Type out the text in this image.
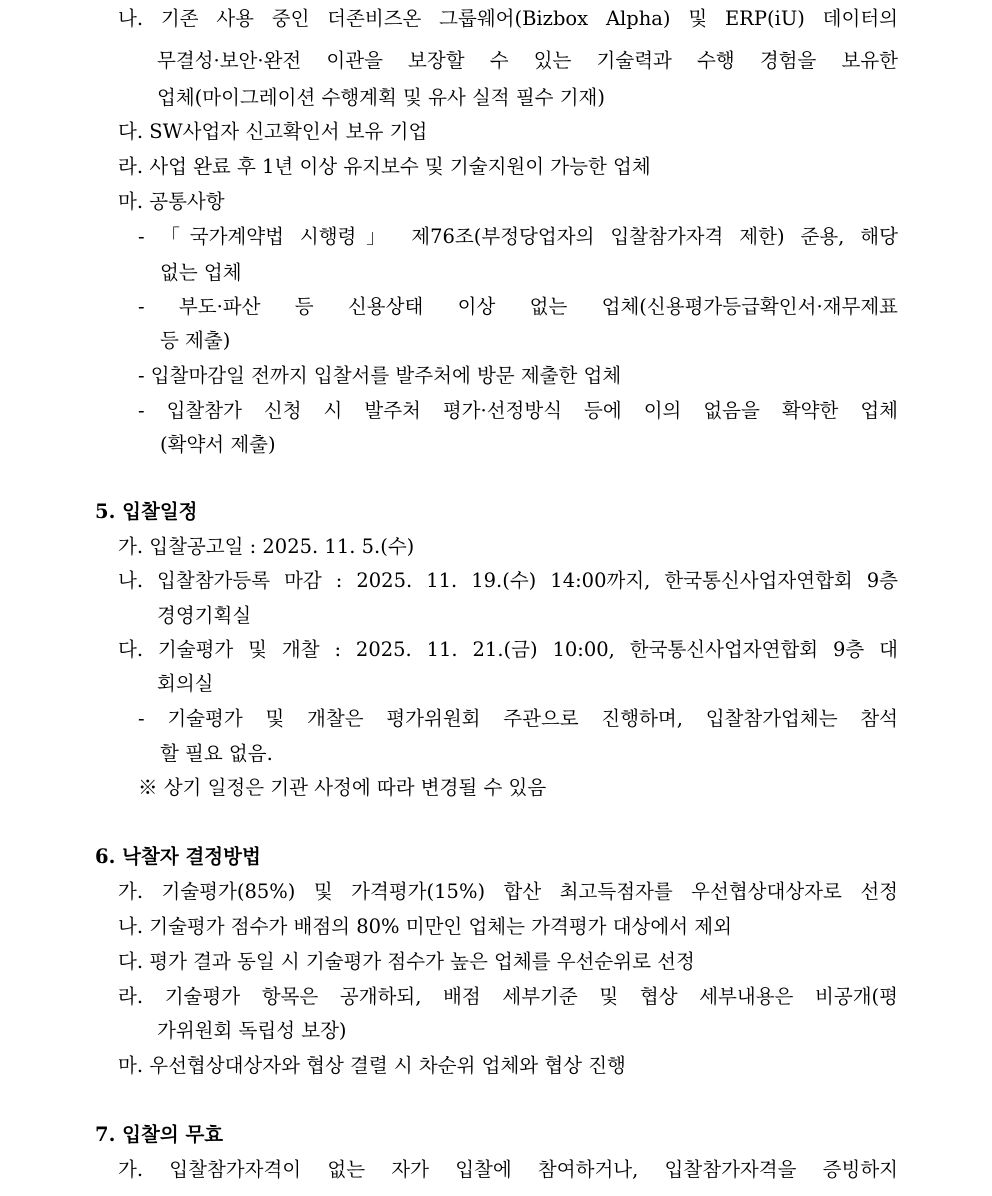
나. 기존 사용 중인 더존비즈온 그룹웨어(Bizbox Alpha) 및 ERP(iU) 데이터의
무결성·보안·완전 이관을 보장할 수 있는 기술력과 수행 경험을 보유한
업체(마이그레이션 수행계획 및 유사 실적 필수 기재)
다. SW사업자 신고확인서 보유 기업
라. 사업 완료 후 1년 이상 유지보수 및 기술지원이 가능한 업체
마. 공통사항
- 「국가계약법 시행령」 제76조(부정당업자의 입찰참가자격 제한) 준용, 해당
없는 업체
- 부도·파산 등 신용상태 이상 없는 업체(신용평가등급확인서·재무제표
등 제출)
- 입찰마감일 전까지 입찰서를 발주처에 방문 제출한 업체
- 입찰참가 신청 시 발주처 평가·선정방식 등에 이의 없음을 확약한 업체
(확약서 제출)
5. 입찰일정
가. 입찰공고일 : 2025. 11. 5.(수)
나. 입찰참가등록 마감 : 2025. 11. 19.(수) 14:00까지, 한국통신사업자연합회 9층
경영기획실
다. 기술평가 및 개찰 : 2025. 11. 21.(금) 10:00, 한국통신사업자연합회 9층 대
회의실
- 기술평가 및 개찰은 평가위원회 주관으로 진행하며, 입찰참가업체는 참석
할 필요 없음.
※ 상기 일정은 기관 사정에 따라 변경될 수 있음
6. 낙찰자 결정방법
가. 기술평가(85%) 및 가격평가(15%) 합산 최고득점자를 우선협상대상자로 선정
나. 기술평가 점수가 배점의 80% 미만인 업체는 가격평가 대상에서 제외
다. 평가 결과 동일 시 기술평가 점수가 높은 업체를 우선순위로 선정
라. 기술평가 항목은 공개하되, 배점 세부기준 및 협상 세부내용은 비공개(평
가위원회 독립성 보장)
마. 우선협상대상자와 협상 결렬 시 차순위 업체와 협상 진행
7. 입찰의 무효
가. 입찰참가자격이 없는 자가 입찰에 참여하거나, 입찰참가자격을 증빙하지
